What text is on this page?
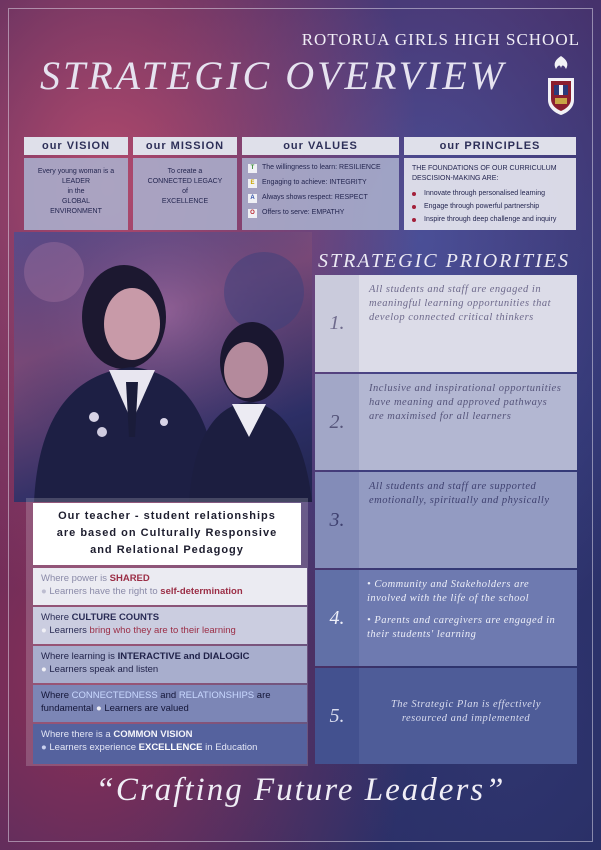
ROTORUA GIRLS HIGH SCHOOL
STRATEGIC OVERVIEW
our VISION
Every young woman is a
LEADER
in the
GLOBAL
ENVIRONMENT
our MISSION
To create a
CONNECTED LEGACY
of
EXCELLENCE
our VALUES
T	The willingness to learn: RESILIENCE
E	Engaging to achieve: INTEGRITY
A	Always shows respect: RESPECT
O	Offers to serve: EMPATHY
our PRINCIPLES
THE FOUNDATIONS OF OUR CURRICULUM
DESCISION-MAKING ARE:
Innovate through personalised learning
Engage through powerful partnership
Inspire through deep challenge and inquiry
STRATEGIC PRIORITIES
1.
All students and staff are engaged in meaningful learning opportunities that develop connected critical thinkers
2.
Inclusive and inspirational opportunities have meaning and approved pathways are maximised for all learners
3.
All students and staff are supported emotionally, spiritually and physically
4.
• Community and Stakeholders are involved with the life of the school
• Parents and caregivers are engaged in their students' learning
5.	The Strategic Plan is effectively resourced and implemented
Our teacher - student relationships
are based on Culturally Responsive
and Relational Pedagogy
Where power is SHARED
● Learners have the right to self-determination
Where CULTURE COUNTS
● Learners bring who they are to their learning
Where learning is INTERACTIVE and DIALOGIC
● Learners speak and listen
Where CONNECTEDNESS and RELATIONSHIPS are
fundamental ● Learners are valued
Where there is a COMMON VISION
● Learners experience EXCELLENCE in Education
“Crafting Future Leaders”
